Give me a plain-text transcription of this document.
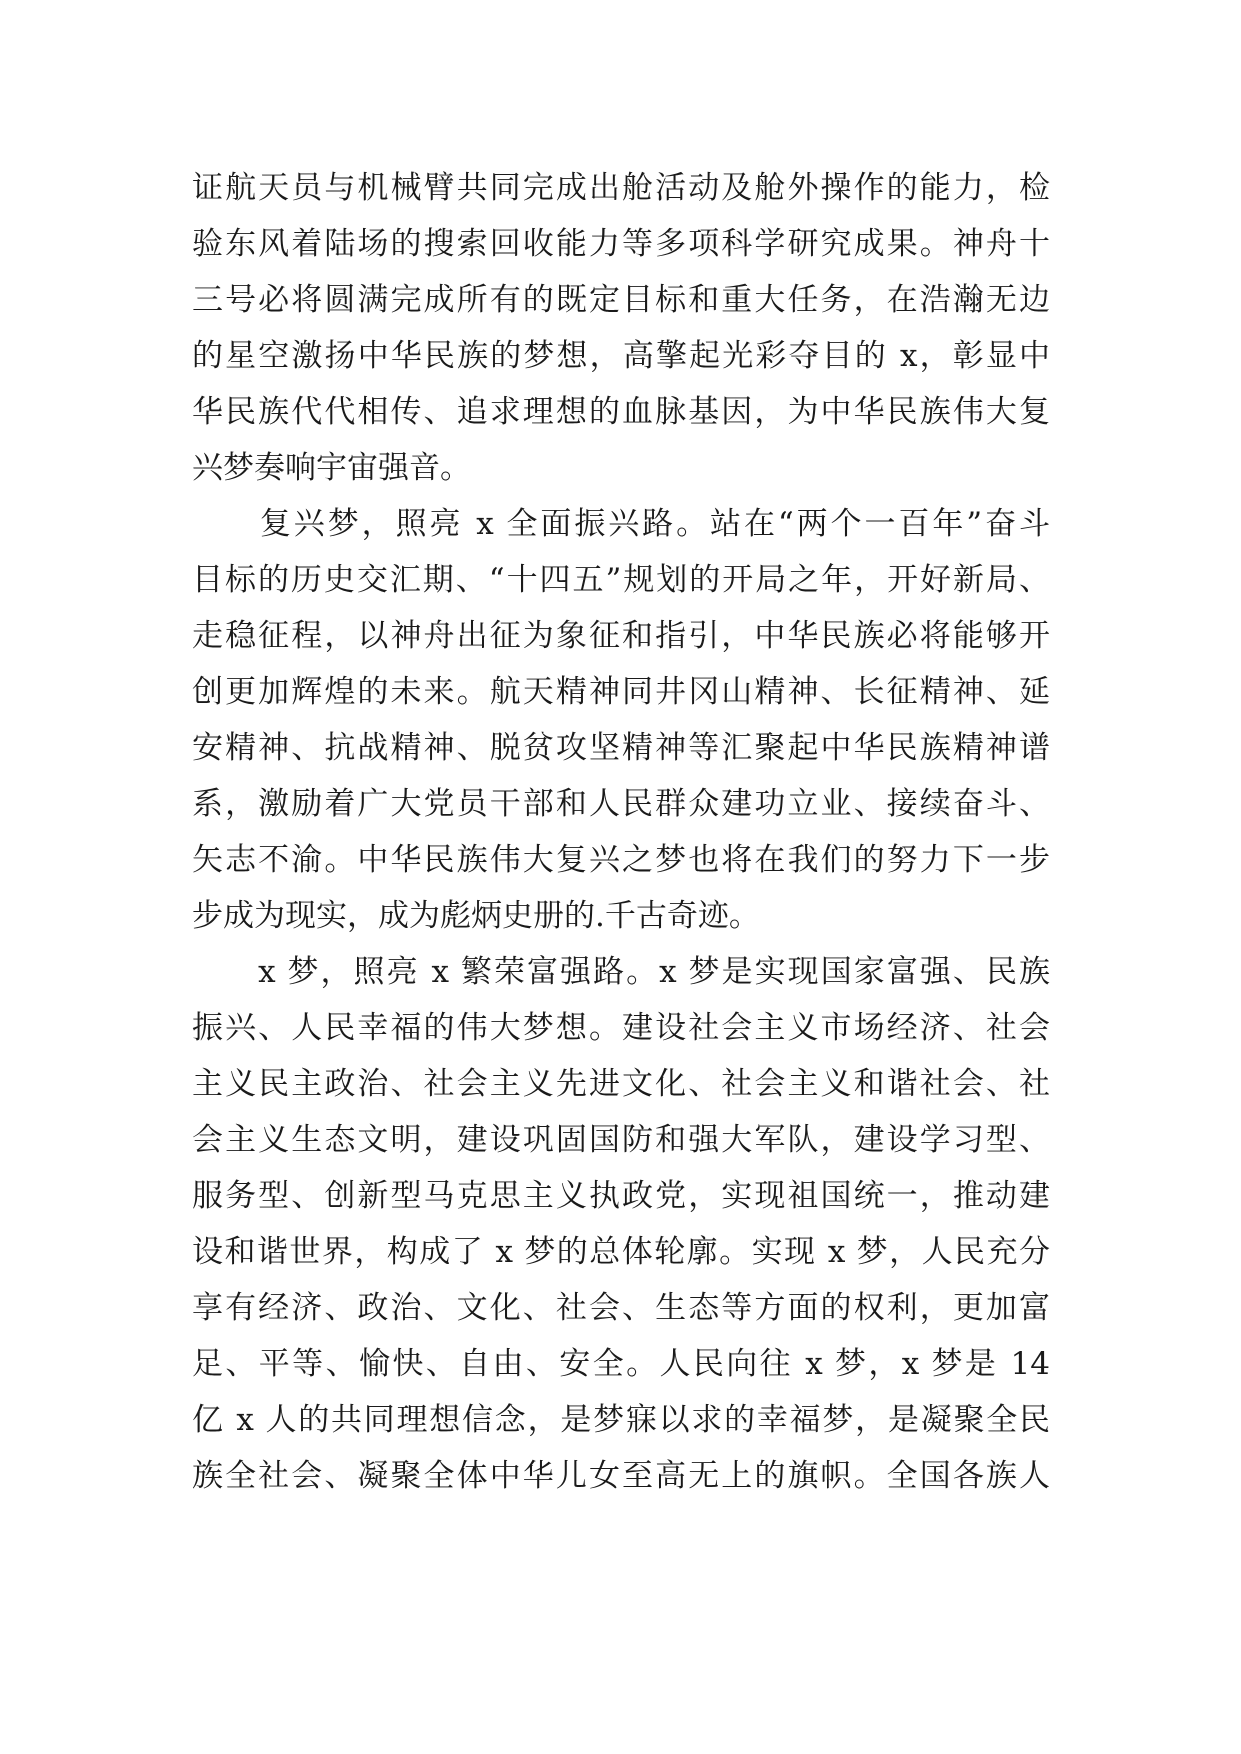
证航天员与机械臂共同完成出舱活动及舱外操作的能力，检
验东风着陆场的搜索回收能力等多项科学研究成果。神舟十
三号必将圆满完成所有的既定目标和重大任务，在浩瀚无边
的星空激扬中华民族的梦想，高擎起光彩夺目的 x，彰显中
华民族代代相传、追求理想的血脉基因，为中华民族伟大复
兴梦奏响宇宙强音。
　　复兴梦，照亮 x 全面振兴路。站在“两个一百年”奋斗
目标的历史交汇期、“十四五”规划的开局之年，开好新局、
走稳征程，以神舟出征为象征和指引，中华民族必将能够开
创更加辉煌的未来。航天精神同井冈山精神、长征精神、延
安精神、抗战精神、脱贫攻坚精神等汇聚起中华民族精神谱
系，激励着广大党员干部和人民群众建功立业、接续奋斗、
矢志不渝。中华民族伟大复兴之梦也将在我们的努力下一步
步成为现实，成为彪炳史册的.千古奇迹。
　　x 梦，照亮 x 繁荣富强路。x 梦是实现国家富强、民族
振兴、人民幸福的伟大梦想。建设社会主义市场经济、社会
主义民主政治、社会主义先进文化、社会主义和谐社会、社
会主义生态文明，建设巩固国防和强大军队，建设学习型、
服务型、创新型马克思主义执政党，实现祖国统一，推动建
设和谐世界，构成了 x 梦的总体轮廓。实现 x 梦，人民充分
享有经济、政治、文化、社会、生态等方面的权利，更加富
足、平等、愉快、自由、安全。人民向往 x 梦，x 梦是 14
亿 x 人的共同理想信念，是梦寐以求的幸福梦，是凝聚全民
族全社会、凝聚全体中华儿女至高无上的旗帜。全国各族人
